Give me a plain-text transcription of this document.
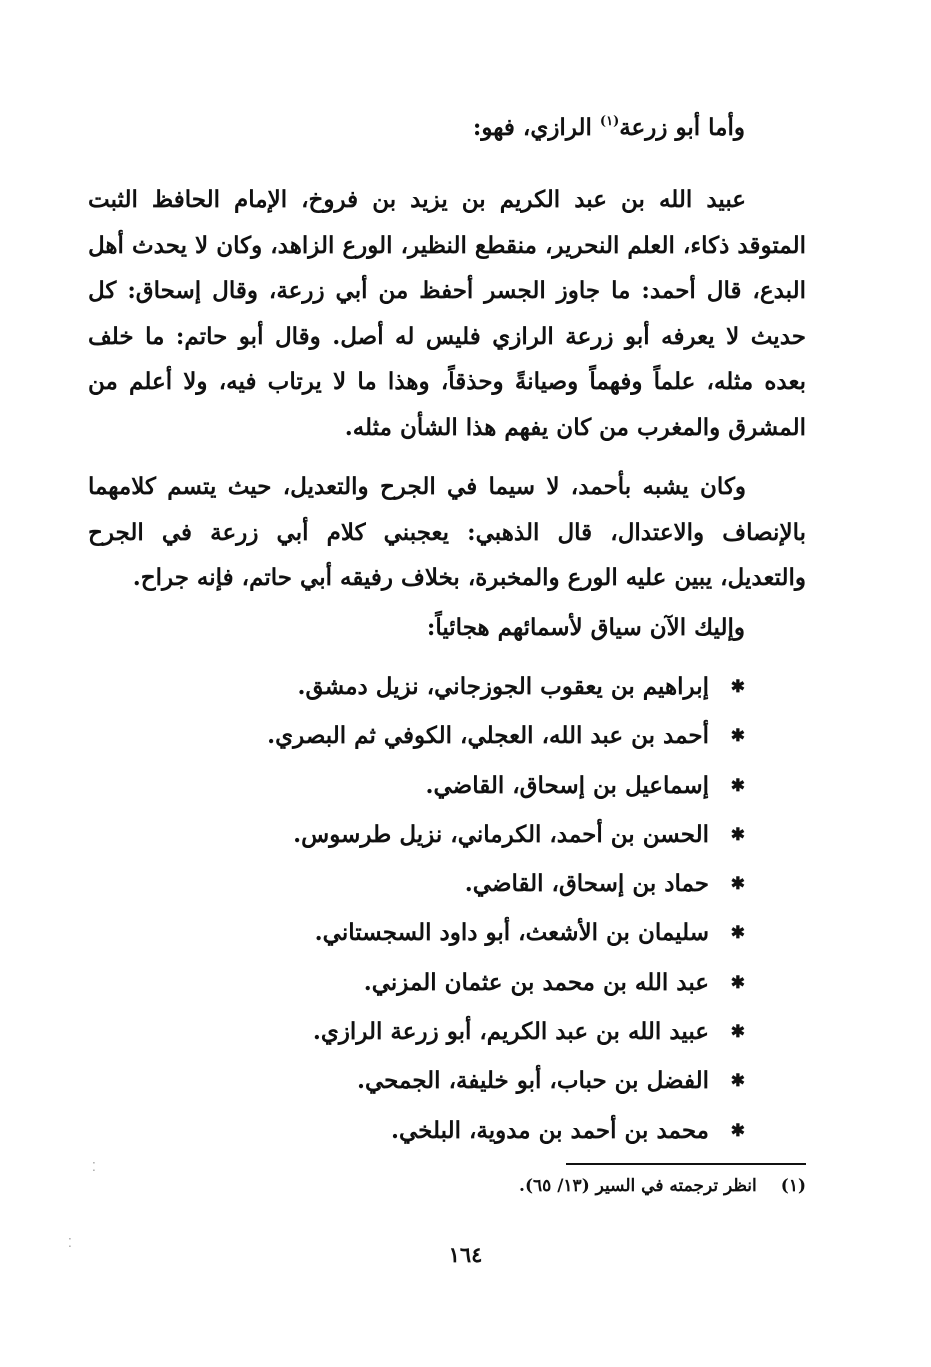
وأما أبو زرعة$^{(١)}$ الرازي، فهو:

عبيد الله بن عبد الكريم بن يزيد بن فروخ، الإمام الحافظ الثبت المتوقد ذكاء، العلم النحرير، منقطع النظير، الورع الزاهد، وكان لا يحدث أهل البدع، قال أحمد: ما جاوز الجسر أحفظ من أبي زرعة، وقال إسحاق: كل حديث لا يعرفه أبو زرعة الرازي فليس له أصل. وقال أبو حاتم: ما خلف بعده مثله، علماً وفهماً وصيانةً وحذقاً، وهذا ما لا يرتاب فيه، ولا أعلم من المشرق والمغرب من كان يفهم هذا الشأن مثله.

وكان يشبه بأحمد، لا سيما في الجرح والتعديل، حيث يتسم كلامهما بالإنصاف والاعتدال، قال الذهبي: يعجبني كلام أبي زرعة في الجرح والتعديل، يبين عليه الورع والمخبرة، بخلاف رفيقه أبي حاتم، فإنه جراح.

وإليك الآن سياق لأسمائهم هجائياً:
✱إبراهيم بن يعقوب الجوزجاني، نزيل دمشق.
✱أحمد بن عبد الله، العجلي، الكوفي ثم البصري.
✱إسماعيل بن إسحاق، القاضي.
✱الحسن بن أحمد، الكرماني، نزيل طرسوس.
✱حماد بن إسحاق، القاضي.
✱سليمان بن الأشعث، أبو داود السجستاني.
✱عبد الله بن محمد بن عثمان المزني.
✱عبيد الله بن عبد الكريم، أبو زرعة الرازي.
✱الفضل بن حباب، أبو خليفة، الجمحي.
✱محمد بن أحمد بن مدوية، البلخي.
(١)انظر ترجمته في السير (١٣/ ٦٥).
١٦٤
⁚
⁚
